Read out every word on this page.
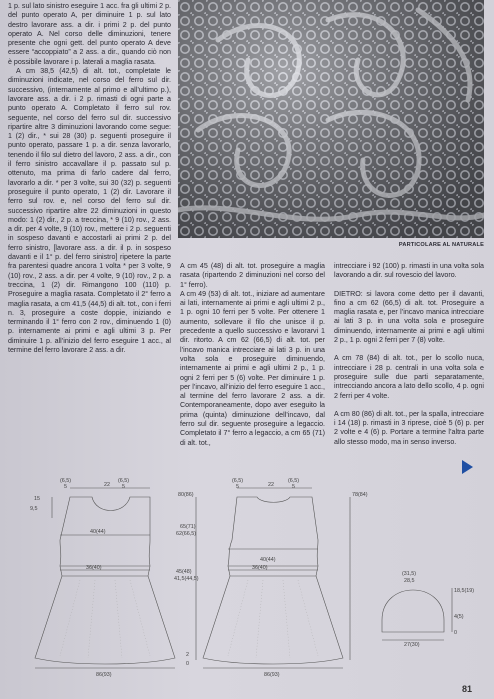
1 p. sul lato sinistro eseguire 1 acc. fra gli ultimi 2 p. del punto operato A, per diminuire 1 p. sul lato destro lavorare ass. a dir. i primi 2 p. del punto operato A. Nel corso delle diminuzioni, tenere presente che ogni gett. del punto operato A deve essere “accoppiato” a 2 ass. a dir., quando ciò non è possibile lavorare i p. laterali a maglia rasata.

A cm 38,5 (42,5) di alt. tot., completate le diminuzioni indicate, nel corso del ferro sul dir. successivo, (internamente al primo e all’ultimo p.), lavorare ass. a dir. i 2 p. rimasti di ogni parte a punto operato A. Completato il ferro sul rov. seguente, nel corso del ferro sul dir. successivo ripartire altre 3 diminuzioni lavorando come segue: 1 (2) dir., * sui 28 (30) p. seguenti proseguire il punto operato, passare 1 p. a dir. senza lavorarlo, tenendo il filo sul dietro del lavoro, 2 ass. a dir., con il ferro sinistro accavallare il p. passato sul p. ottenuto, ma prima di farlo cadere dal ferro, lavorarlo a dir. * per 3 volte, sui 30 (32) p. seguenti proseguire il punto operato, 1 (2) dir. Lavorare il ferro sul rov. e, nel corso del ferro sul dir. successivo ripartire altre 22 diminuzioni in questo modo: 1 (2) dir., 2 p. a treccina, * 9 (10) rov., 2 ass. a dir. per 4 volte, 9 (10) rov., mettere i 2 p. seguenti in sospeso davanti e accostarli ai primi 2 p. del ferro sinistro, [lavorare ass. a dir. il p. in sospeso davanti e il 1° p. del ferro sinistro] ripetere la parte fra parentesi quadre ancora 1 volta * per 3 volte, 9 (10) rov., 2 ass. a dir. per 4 volte, 9 (10) rov., 2 p. a treccina, 1 (2) dir. Rimangono 100 (110) p. Proseguire a maglia rasata. Completato il 2° ferro a maglia rasata, a cm 41,5 (44,5) di alt. tot., con i ferri n. 3, proseguire a coste doppie, iniziando e terminando il 1° ferro con 2 rov., diminuendo 1 (0) p. internamente ai primi e agli ultimi 3 p. Per diminuire 1 p. all’inizio del ferro eseguire 1 acc., al termine del ferro lavorare 2 ass. a dir.

PARTICOLARE AL NATURALE

A cm 45 (48) di alt. tot. proseguire a maglia rasata (ripartendo 2 diminuzioni nel corso del 1° ferro).

A cm 49 (53) di alt. tot., iniziare ad aumentare ai lati, internamente ai primi e agli ultimi 2 p., 1 p. ogni 10 ferri per 5 volte. Per ottenere 1 aumento, sollevare il filo che unisce il p. precedente a quello successivo e lavorarvi 1 dir. ritorto. A cm 62 (66,5) di alt. tot. per l’incavo manica intrecciare ai lati 3 p. in una volta sola e proseguire diminuendo, internamente ai primi e agli ultimi 2 p., 1 p. ogni 2 ferri per 5 (6) volte. Per diminuire 1 p. per l’incavo, all’inizio del ferro eseguire 1 acc., al termine del ferro lavorare 2 ass. a dir. Contemporaneamente, dopo aver eseguito la prima (quinta) diminuzione dell’incavo, dal ferro sul dir. seguente proseguire a legaccio. Completato il 7° ferro a legaccio, a cm 65 (71) di alt. tot.,

intrecciare i 92 (100) p. rimasti in una volta sola lavorando a dir. sul rovescio del lavoro.

DIETRO: si lavora come detto per il davanti, fino a cm 62 (66,5) di alt. tot. Proseguire a maglia rasata e, per l’incavo manica intrecciare ai lati 3 p. in una volta sola e proseguire diminuendo, internamente ai primi e agli ultimi 2 p., 1 p. ogni 2 ferri per 7 (8) volte.

A cm 78 (84) di alt. tot., per lo scollo nuca, intrecciare i 28 p. centrali in una volta sola e proseguire sulle due parti separatamente, intrecciando ancora a lato dello scollo, 4 p. ogni 2 ferri per 4 volte.

A cm 80 (86) di alt. tot., per la spalla, intrecciare i 14 (18) p. rimasti in 3 riprese, cioè 5 (6) p. per 2 volte e 4 (6) p. Portare a termine l’altra parte allo stesso modo, ma in senso inverso.

(6,5)
5	22
(6,5)
5
15
9,5
40(44)
36(40)
86(93)
(6,5)
5	22
(6,5)
5
80(86)	78(84)
65(71)
62(66,5)
40(44)
36(40)
45(48)
41,5(44,5)
2
0
86(93)
(31,5)
28,5
18,5(19)
4(5)
0
27(30)
81
